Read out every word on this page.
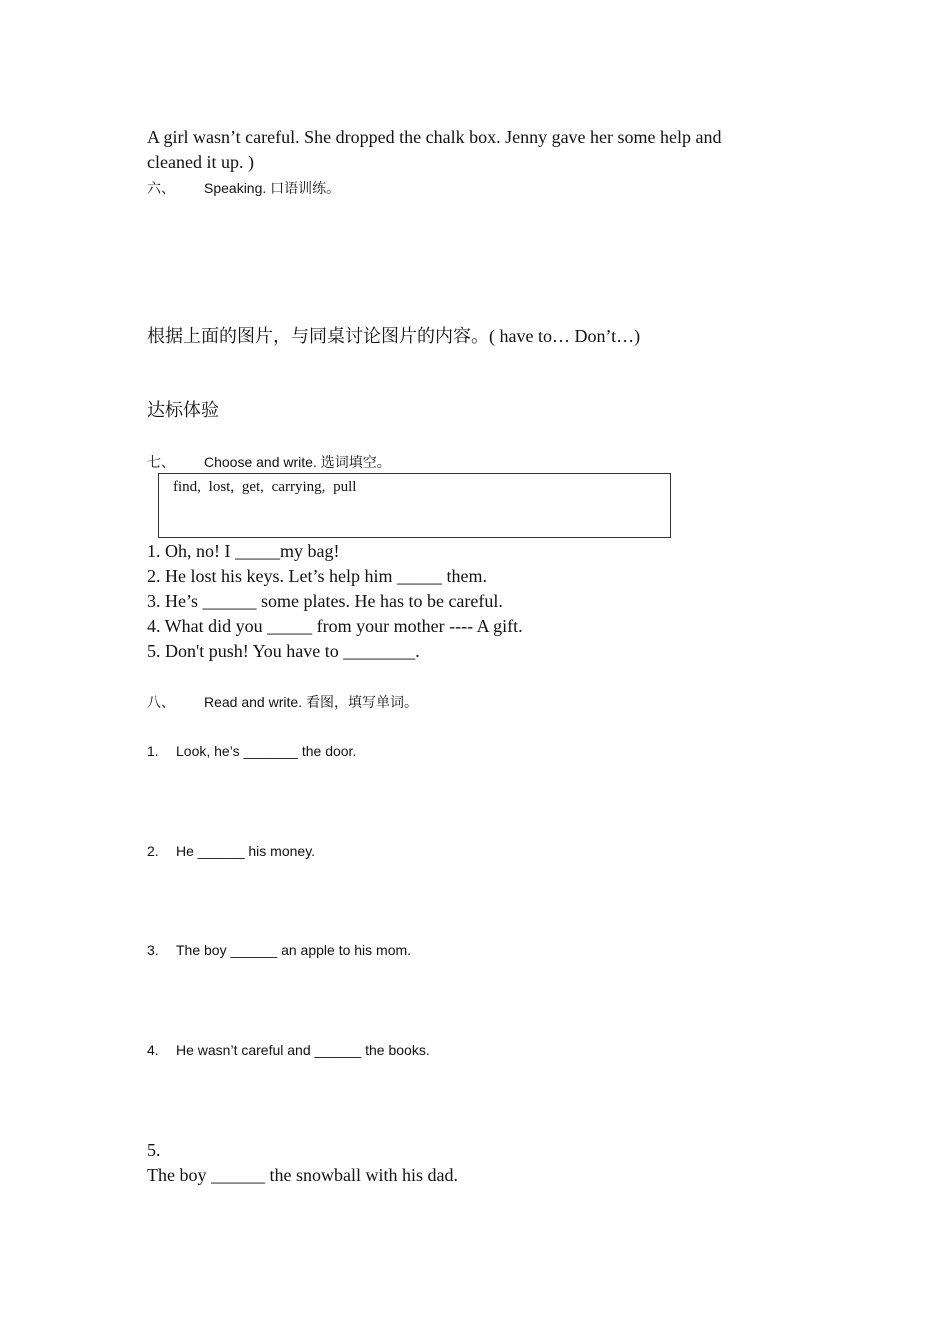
A girl wasn’t careful. She dropped the chalk box. Jenny gave her some help and
cleaned it up. )
六、 Speaking. 口语训练。
根据上面的图片，与同桌讨论图片的内容。( have to… Don’t…)
达标体验
七、 Choose and write. 选词填空。
find, lost, get, carrying, pull
1. Oh, no! I _____my bag!
2. He lost his keys. Let’s help him _____ them.
3. He’s ______ some plates. He has to be careful.
4. What did you _____ from your mother ---- A gift.
5. Don't push! You have to ________.
八、 Read and write. 看图，填写单词。
1. Look, he’s _______ the door.
2. He ______ his money.
3. The boy ______ an apple to his mom.
4. He wasn’t careful and ______ the books.
5.
The boy ______ the snowball with his dad.
